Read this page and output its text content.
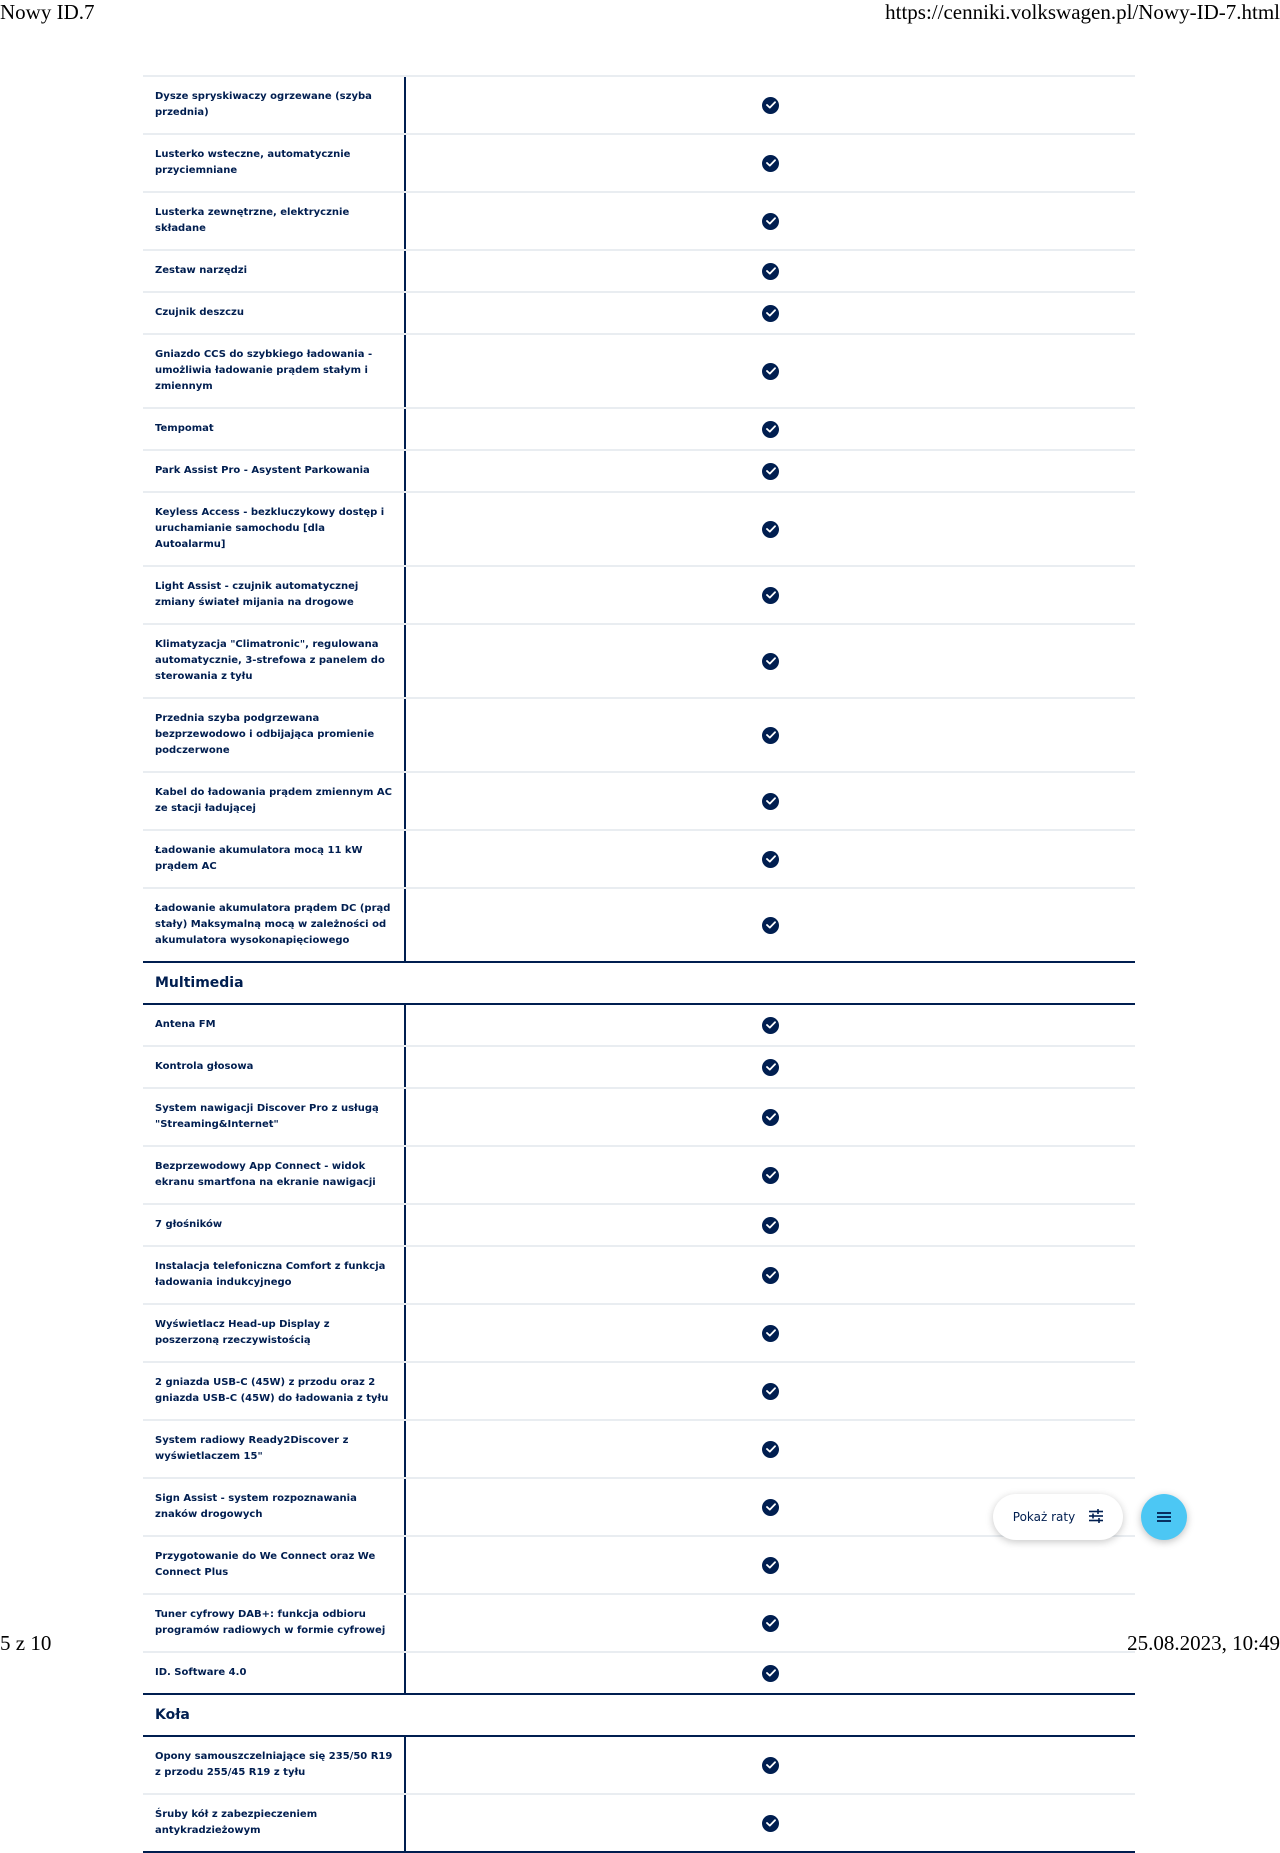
Nowy ID.7	https://cenniki.volkswagen.pl/Nowy-ID-7.html
Dysze spryskiwaczy ogrzewane (szyba przednia)
Lusterko wsteczne, automatycznie przyciemniane
Lusterka zewnętrzne, elektrycznie składane
Zestaw narzędzi
Czujnik deszczu
Gniazdo CCS do szybkiego ładowania - umożliwia ładowanie prądem stałym i zmiennym
Tempomat
Park Assist Pro - Asystent Parkowania
Keyless Access - bezkluczykowy dostęp i uruchamianie samochodu [dla Autoalarmu]
Light Assist - czujnik automatycznej zmiany świateł mijania na drogowe
Klimatyzacja "Climatronic", regulowana automatycznie, 3-strefowa z panelem do sterowania z tyłu
Przednia szyba podgrzewana bezprzewodowo i odbijająca promienie podczerwone
Kabel do ładowania prądem zmiennym AC ze stacji ładującej
Ładowanie akumulatora mocą 11 kW prądem AC
Ładowanie akumulatora prądem DC (prąd stały) Maksymalną mocą w zależności od akumulatora wysokonapięciowego
Multimedia
Antena FM
Kontrola głosowa
System nawigacji Discover Pro z usługą "Streaming&Internet"
Bezprzewodowy App Connect - widok ekranu smartfona na ekranie nawigacji
7 głośników
Instalacja telefoniczna Comfort z funkcja ładowania indukcyjnego
Wyświetlacz Head-up Display z poszerzoną rzeczywistością
2 gniazda USB-C (45W) z przodu oraz 2 gniazda USB-C (45W) do ładowania z tyłu
System radiowy Ready2Discover z wyświetlaczem 15"
Sign Assist - system rozpoznawania znaków drogowych
Przygotowanie do We Connect oraz We Connect Plus
Tuner cyfrowy DAB+: funkcja odbioru programów radiowych w formie cyfrowej
ID. Software 4.0
Koła
Opony samouszczelniające się 235/50 R19 z przodu 255/45 R19 z tyłu
Śruby kół z zabezpieczeniem antykradzieżowym
Pokaż raty
5 z 10	25.08.2023, 10:49
